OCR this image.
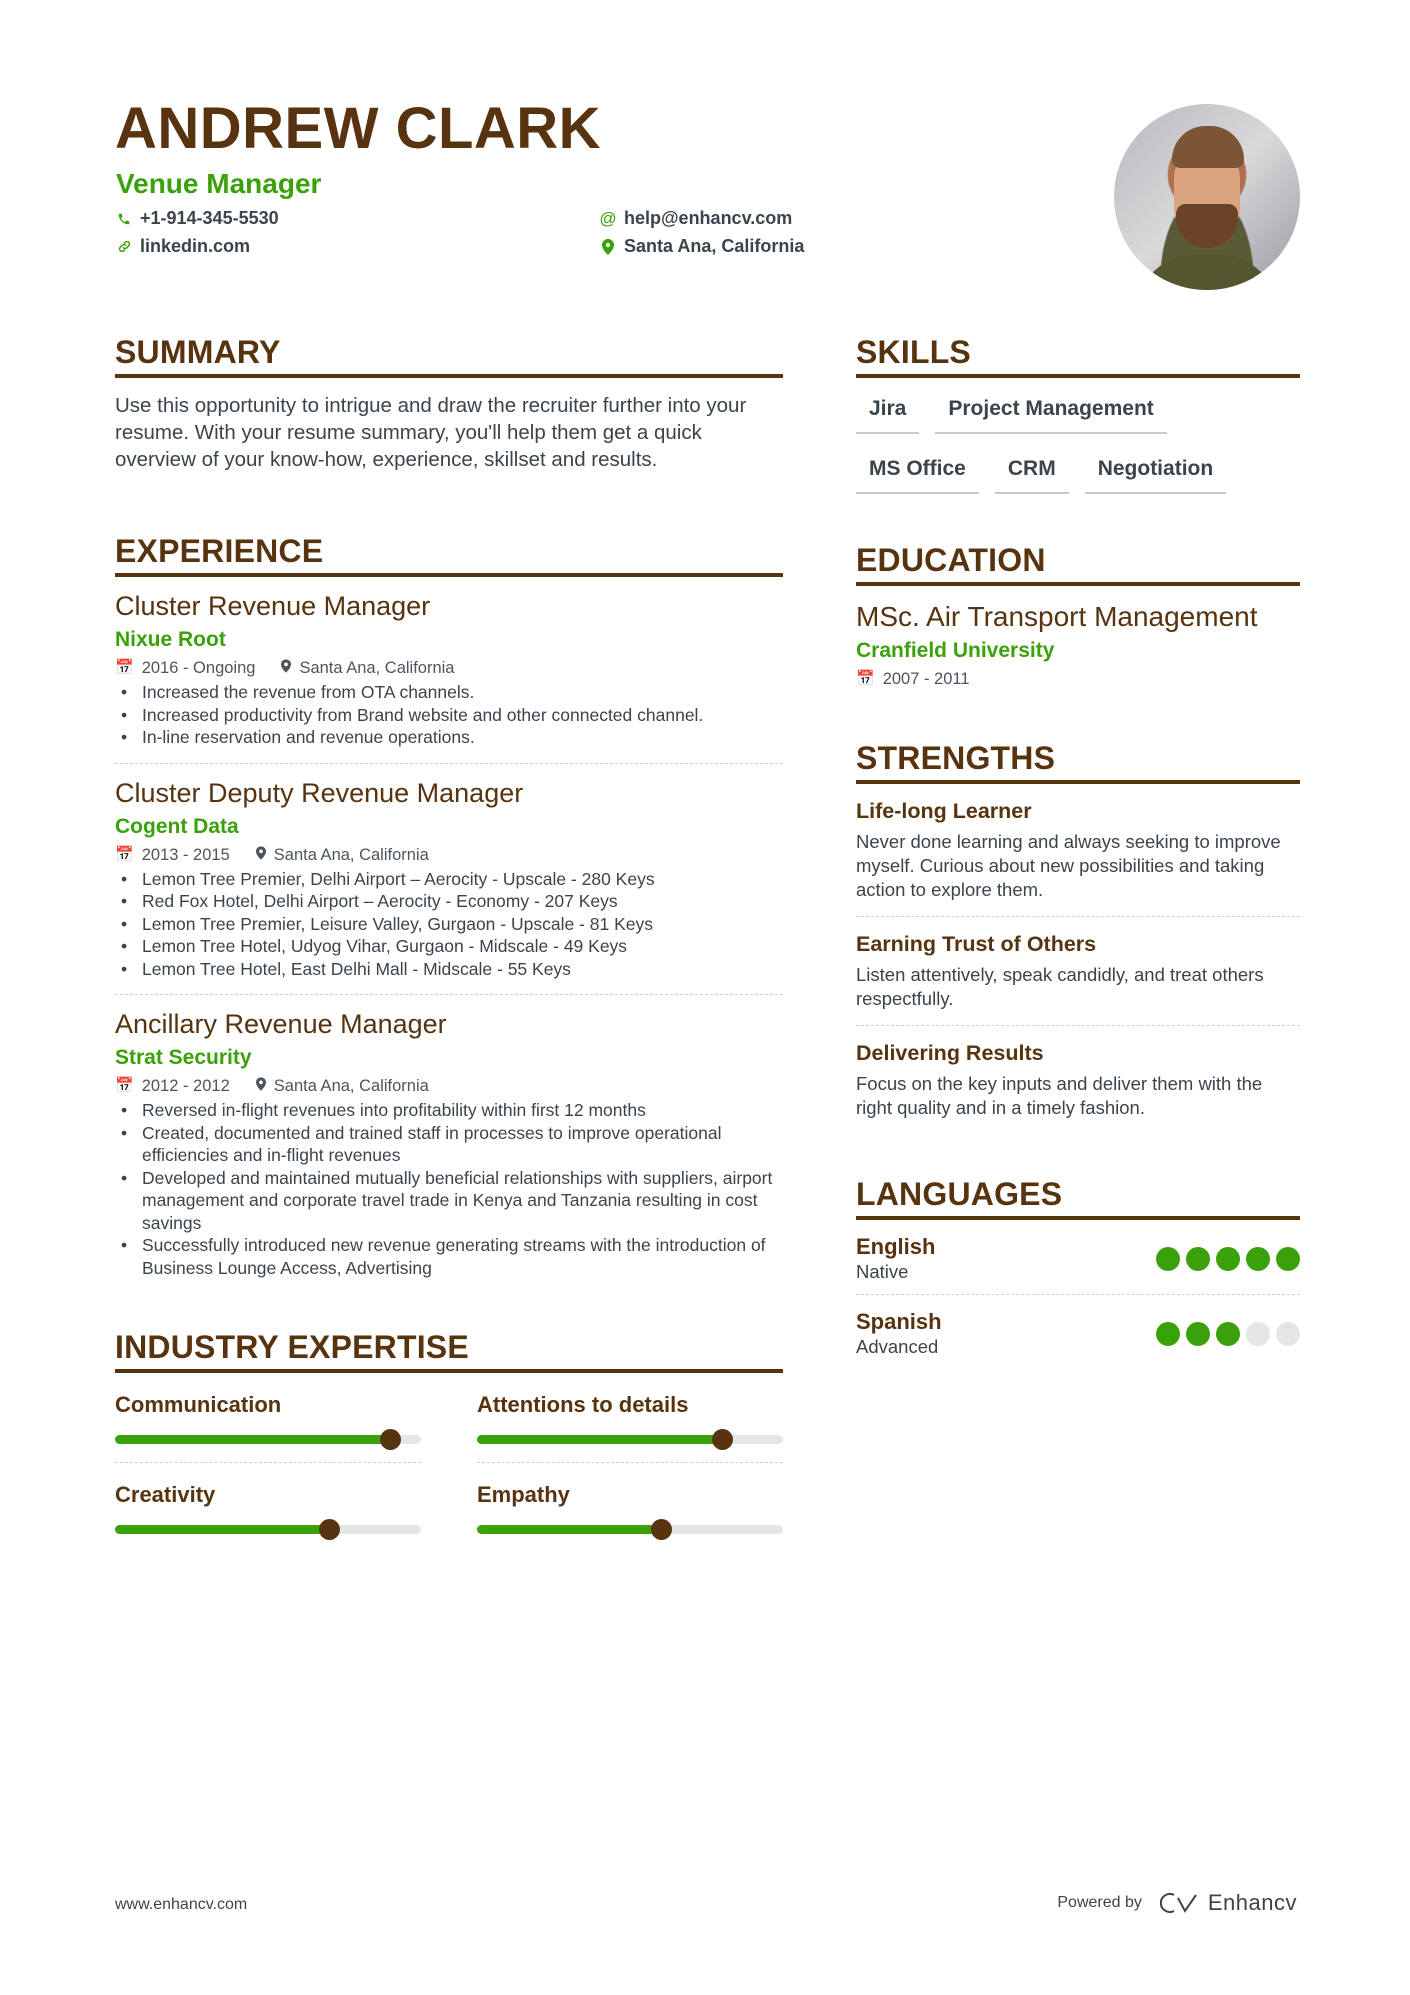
ANDREW CLARK
Venue Manager
+1-914-345-5530
linkedin.com
@ help@enhancv.com
Santa Ana, California
SUMMARY

Use this opportunity to intrigue and draw the recruiter further into your resume. With your resume summary, you'll help them get a quick overview of your know-how, experience, skillset and results.

EXPERIENCE
Cluster Revenue Manager
Nixue Root
📅 2016 - Ongoing	Santa Ana, California
• Increased the revenue from OTA channels.
• Increased productivity from Brand website and other connected channel.
• In-line reservation and revenue operations.
Cluster Deputy Revenue Manager
Cogent Data
📅 2013 - 2015	Santa Ana, California
• Lemon Tree Premier, Delhi Airport – Aerocity - Upscale - 280 Keys
• Red Fox Hotel, Delhi Airport – Aerocity - Economy - 207 Keys
• Lemon Tree Premier, Leisure Valley, Gurgaon - Upscale - 81 Keys
• Lemon Tree Hotel, Udyog Vihar, Gurgaon - Midscale - 49 Keys
• Lemon Tree Hotel, East Delhi Mall - Midscale - 55 Keys
Ancillary Revenue Manager
Strat Security
📅 2012 - 2012	Santa Ana, California
• Reversed in-flight revenues into profitability within first 12 months
• Created, documented and trained staff in processes to improve operational efficiencies and in-flight revenues
• Developed and maintained mutually beneficial relationships with suppliers, airport management and corporate travel trade in Kenya and Tanzania resulting in cost savings
• Successfully introduced new revenue generating streams with the introduction of Business Lounge Access, Advertising
INDUSTRY EXPERTISE
Communication	Attentions to details
Creativity	Empathy
SKILLS
Jira	Project Management
MS Office	CRM	Negotiation
EDUCATION
MSc. Air Transport Management
Cranfield University
📅 2007 - 2011
STRENGTHS
Life-long Learner
Never done learning and always seeking to improve myself. Curious about new possibilities and taking action to explore them.
Earning Trust of Others
Listen attentively, speak candidly, and treat others respectfully.
Delivering Results
Focus on the key inputs and deliver them with the right quality and in a timely fashion.
LANGUAGES
English
Native
Spanish
Advanced
www.enhancv.com	Powered by	Enhancv
